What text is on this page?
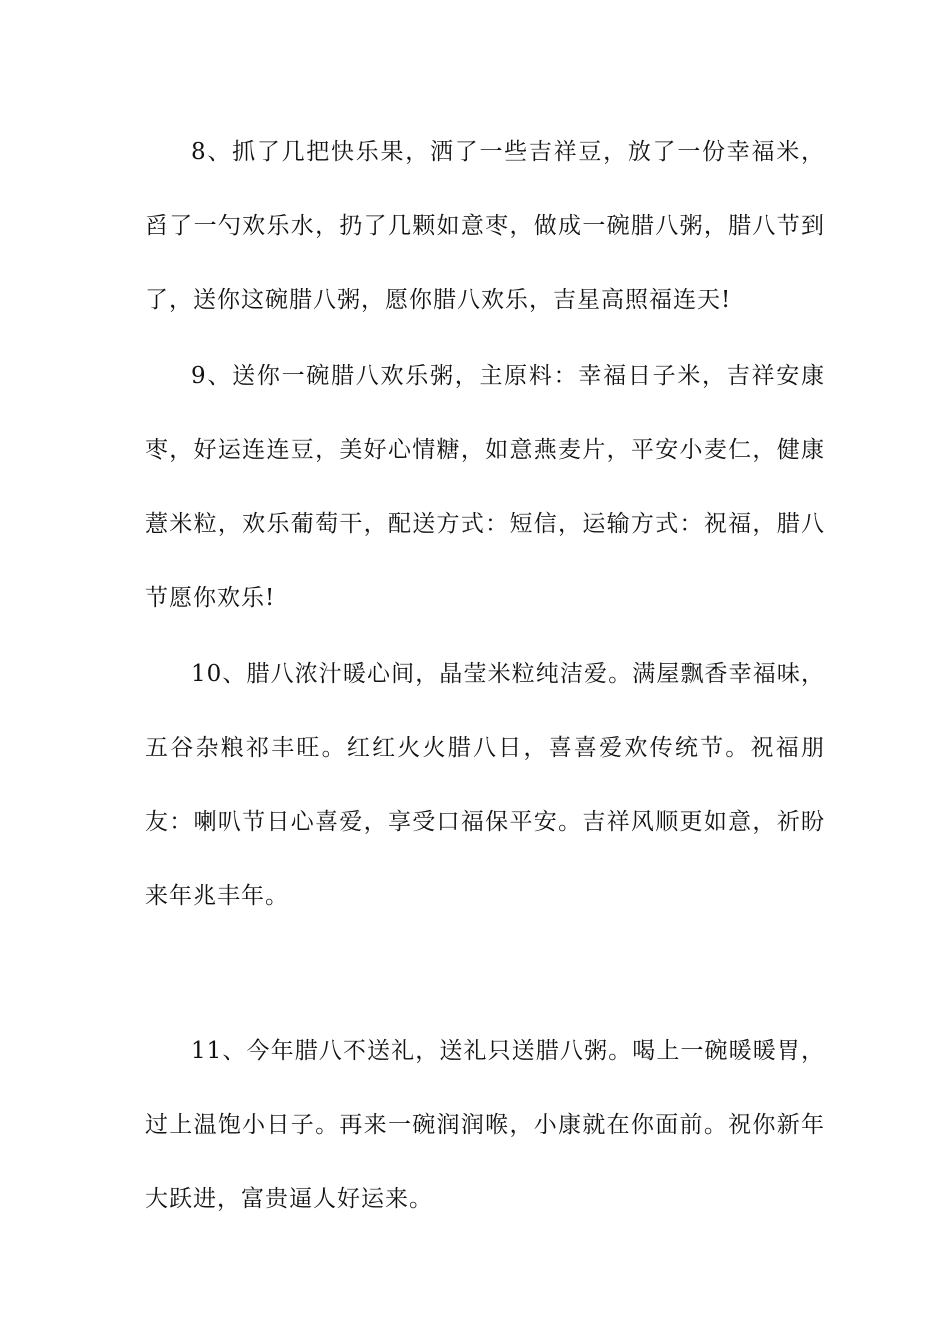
8、抓了几把快乐果，洒了一些吉祥豆，放了一份幸福米，舀了一勺欢乐水，扔了几颗如意枣，做成一碗腊八粥，腊八节到了，送你这碗腊八粥，愿你腊八欢乐，吉星高照福连天!

9、送你一碗腊八欢乐粥，主原料：幸福日子米，吉祥安康枣，好运连连豆，美好心情糖，如意燕麦片，平安小麦仁，健康薏米粒，欢乐葡萄干，配送方式：短信，运输方式：祝福，腊八节愿你欢乐!

10、腊八浓汁暖心间，晶莹米粒纯洁爱。满屋飘香幸福味，五谷杂粮祁丰旺。红红火火腊八日，喜喜爱欢传统节。祝福朋友：喇叭节日心喜爱，享受口福保平安。吉祥风顺更如意，祈盼来年兆丰年。

11、今年腊八不送礼，送礼只送腊八粥。喝上一碗暖暖胃，过上温饱小日子。再来一碗润润喉，小康就在你面前。祝你新年大跃进，富贵逼人好运来。
